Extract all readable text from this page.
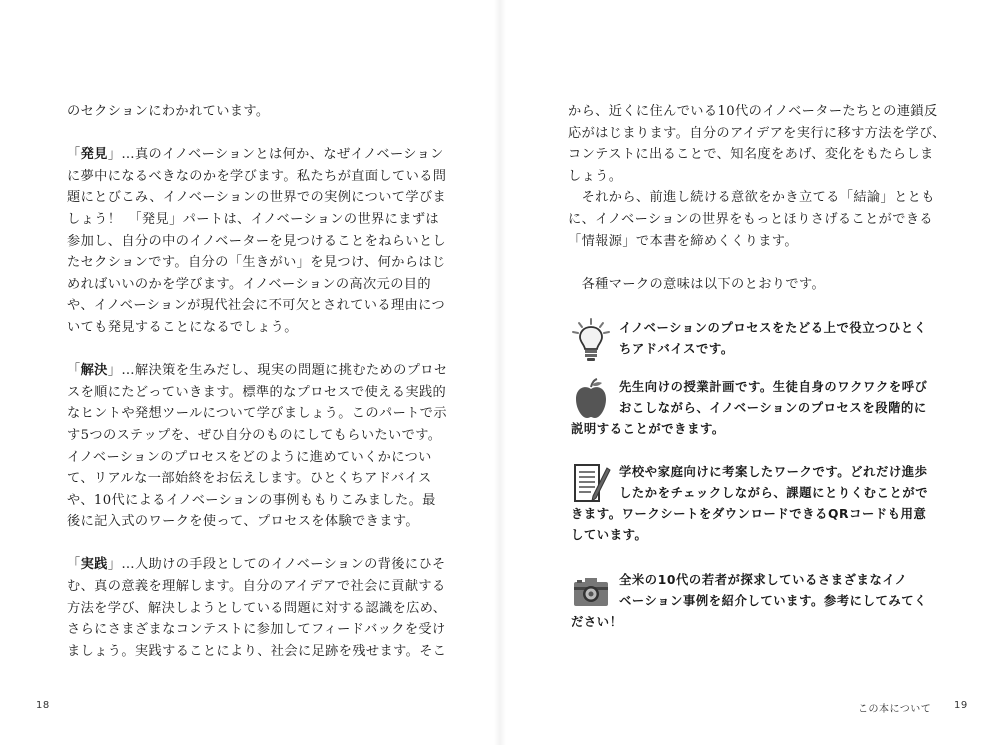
のセクションにわかれています。
「発見」…真のイノベーションとは何か、なぜイノベーション
に夢中になるべきなのかを学びます。私たちが直面している問
題にとびこみ、イノベーションの世界での実例について学びま
しょう！　「発見」パートは、イノベーションの世界にまずは
参加し、自分の中のイノベーターを見つけることをねらいとし
たセクションです。自分の「生きがい」を見つけ、何からはじ
めればいいのかを学びます。イノベーションの高次元の目的
や、イノベーションが現代社会に不可欠とされている理由につ
いても発見することになるでしょう。
「解決」…解決策を生みだし、現実の問題に挑むためのプロセ
スを順にたどっていきます。標準的なプロセスで使える実践的
なヒントや発想ツールについて学びましょう。このパートで示
す5つのステップを、ぜひ自分のものにしてもらいたいです。
イノベーションのプロセスをどのように進めていくかについ
て、リアルな一部始終をお伝えします。ひとくちアドバイス
や、10代によるイノベーションの事例ももりこみました。最
後に記入式のワークを使って、プロセスを体験できます。
「実践」…人助けの手段としてのイノベーションの背後にひそ
む、真の意義を理解します。自分のアイデアで社会に貢献する
方法を学び、解決しようとしている問題に対する認識を広め、
さらにさまざまなコンテストに参加してフィードバックを受け
ましょう。実践することにより、社会に足跡を残せます。そこ
18
から、近くに住んでいる10代のイノベーターたちとの連鎖反
応がはじまります。自分のアイデアを実行に移す方法を学び、
コンテストに出ることで、知名度をあげ、変化をもたらしま
しょう。
　それから、前進し続ける意欲をかき立てる「結論」ととも
に、イノベーションの世界をもっとほりさげることができる
「情報源」で本書を締めくくります。
　各種マークの意味は以下のとおりです。
この本について 19
イノベーションのプロセスをたどる上で役立つひとく
ちアドバイスです。
先生向けの授業計画です。生徒自身のワクワクを呼び
おこしながら、イノベーションのプロセスを段階的に
説明することができます。
学校や家庭向けに考案したワークです。どれだけ進歩
したかをチェックしながら、課題にとりくむことがで
きます。ワークシートをダウンロードできるQRコードも用意
しています。
全米の10代の若者が探求しているさまざまなイノ
ベーション事例を紹介しています。参考にしてみてく
ださい！
